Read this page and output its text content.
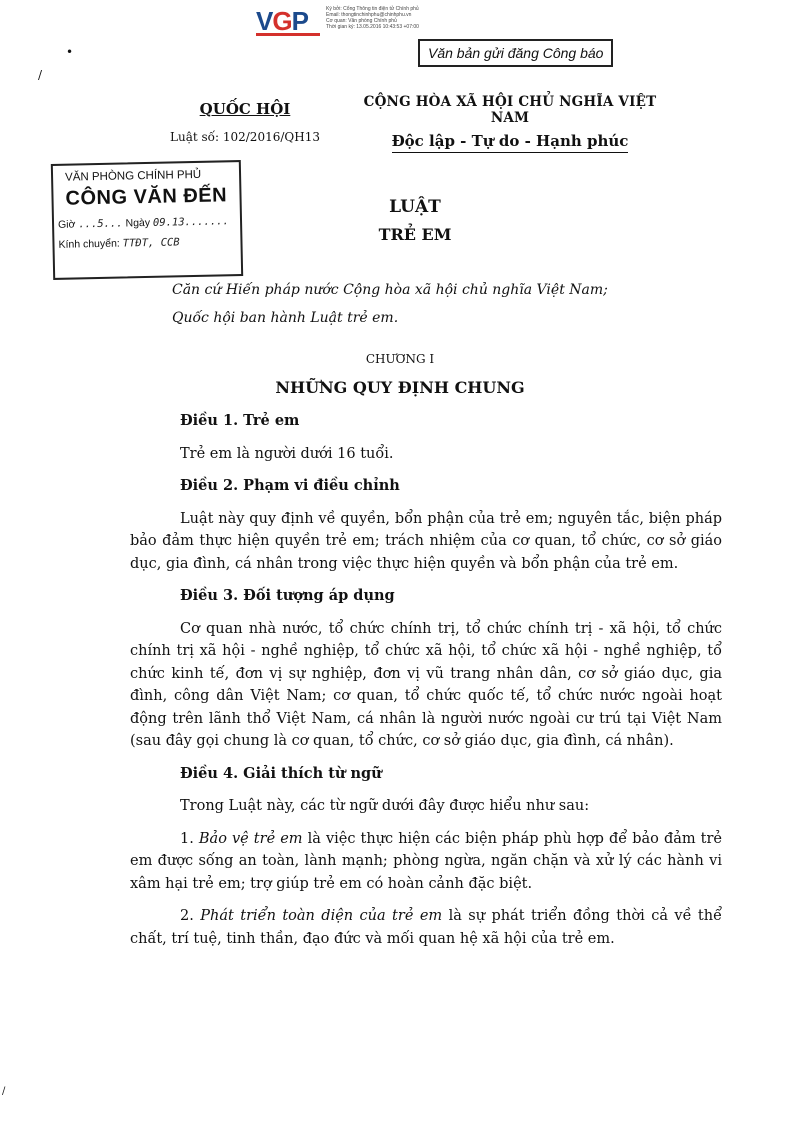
VGP	Ký bởi: Cổng Thông tin điện tử Chính phủ
Email: thongtinchinhphu@chinhphu.vn
Cơ quan: Văn phòng Chính phủ
Thời gian ký: 13.05.2016 10:43:53 +07:00
Văn bản gửi đăng Công báo
•
/
/
QUỐC HỘI
Luật số: 102/2016/QH13
CỘNG HÒA XÃ HỘI CHỦ NGHĨA VIỆT NAM
Độc lập - Tự do - Hạnh phúc
VĂN PHÒNG CHÍNH PHỦ
CÔNG VĂN ĐẾN
Giờ ...5... Ngày 09.13.......
Kính chuyển: TTĐT, CCB
LUẬT
TRẺ EM
Căn cứ Hiến pháp nước Cộng hòa xã hội chủ nghĩa Việt Nam;
Quốc hội ban hành Luật trẻ em.
CHƯƠNG I
NHỮNG QUY ĐỊNH CHUNG
Điều 1. Trẻ em
Trẻ em là người dưới 16 tuổi.
Điều 2. Phạm vi điều chỉnh
Luật này quy định về quyền, bổn phận của trẻ em; nguyên tắc, biện pháp bảo đảm thực hiện quyền trẻ em; trách nhiệm của cơ quan, tổ chức, cơ sở giáo dục, gia đình, cá nhân trong việc thực hiện quyền và bổn phận của trẻ em.
Điều 3. Đối tượng áp dụng
Cơ quan nhà nước, tổ chức chính trị, tổ chức chính trị - xã hội, tổ chức chính trị xã hội - nghề nghiệp, tổ chức xã hội, tổ chức xã hội - nghề nghiệp, tổ chức kinh tế, đơn vị sự nghiệp, đơn vị vũ trang nhân dân, cơ sở giáo dục, gia đình, công dân Việt Nam; cơ quan, tổ chức quốc tế, tổ chức nước ngoài hoạt động trên lãnh thổ Việt Nam, cá nhân là người nước ngoài cư trú tại Việt Nam (sau đây gọi chung là cơ quan, tổ chức, cơ sở giáo dục, gia đình, cá nhân).
Điều 4. Giải thích từ ngữ
Trong Luật này, các từ ngữ dưới đây được hiểu như sau:
1. Bảo vệ trẻ em là việc thực hiện các biện pháp phù hợp để bảo đảm trẻ em được sống an toàn, lành mạnh; phòng ngừa, ngăn chặn và xử lý các hành vi xâm hại trẻ em; trợ giúp trẻ em có hoàn cảnh đặc biệt.
2. Phát triển toàn diện của trẻ em là sự phát triển đồng thời cả về thể chất, trí tuệ, tinh thần, đạo đức và mối quan hệ xã hội của trẻ em.
